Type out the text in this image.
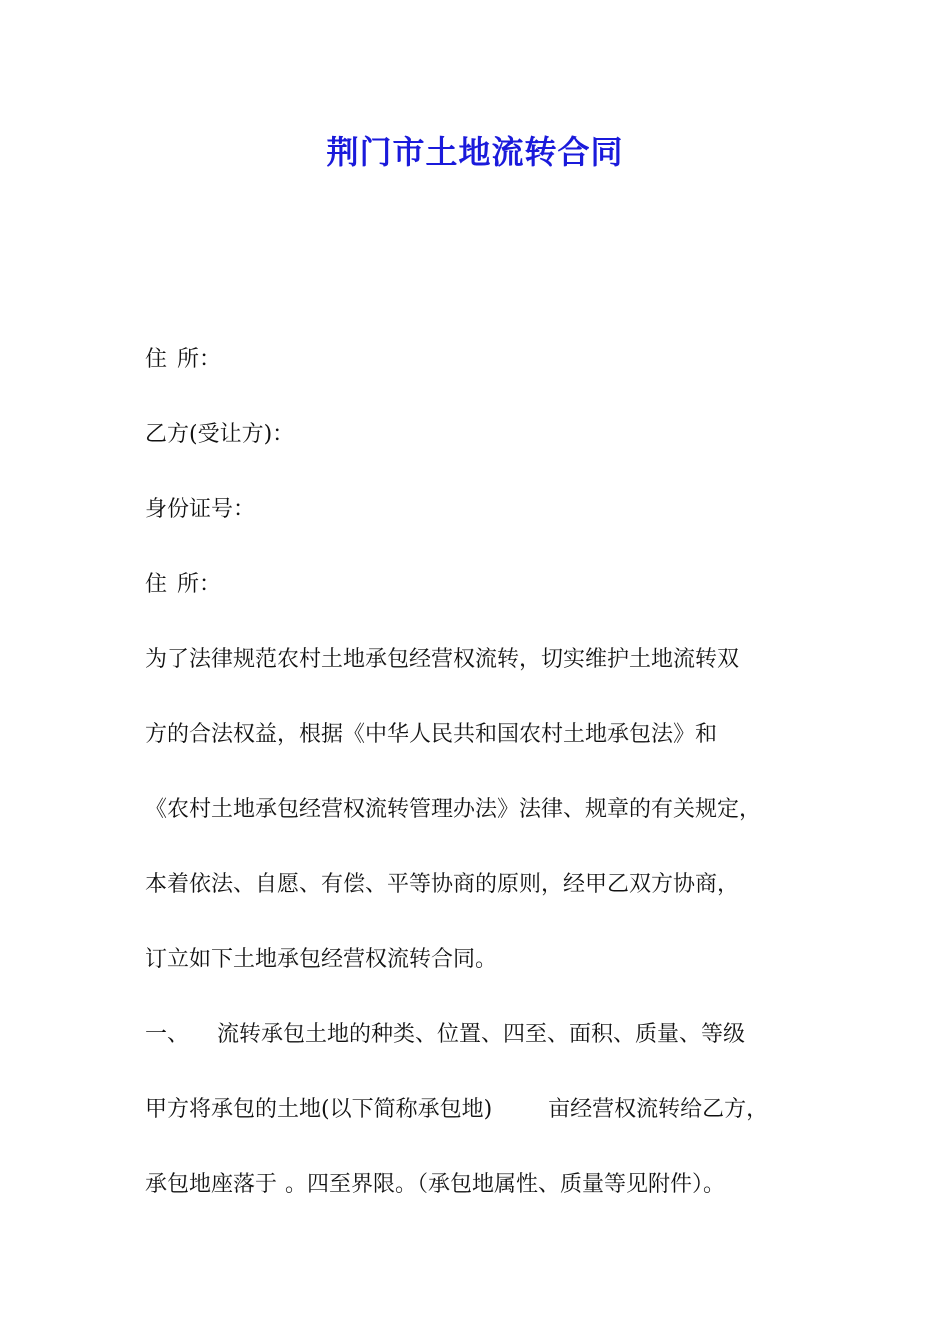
荆门市土地流转合同
住 所：
乙方(受让方)：
身份证号：
住 所：
为了法律规范农村土地承包经营权流转，切实维护土地流转双
方的合法权益，根据《中华人民共和国农村土地承包法》和
《农村土地承包经营权流转管理办法》法律、规章的有关规定，
本着依法、自愿、有偿、平等协商的原则，经甲乙双方协商，
订立如下土地承包经营权流转合同。
一、 流转承包土地的种类、位置、四至、面积、质量、等级
甲方将承包的土地(以下简称承包地)	亩经营权流转给乙方，
承包地座落于 。四至界限。（承包地属性、质量等见附件）。
